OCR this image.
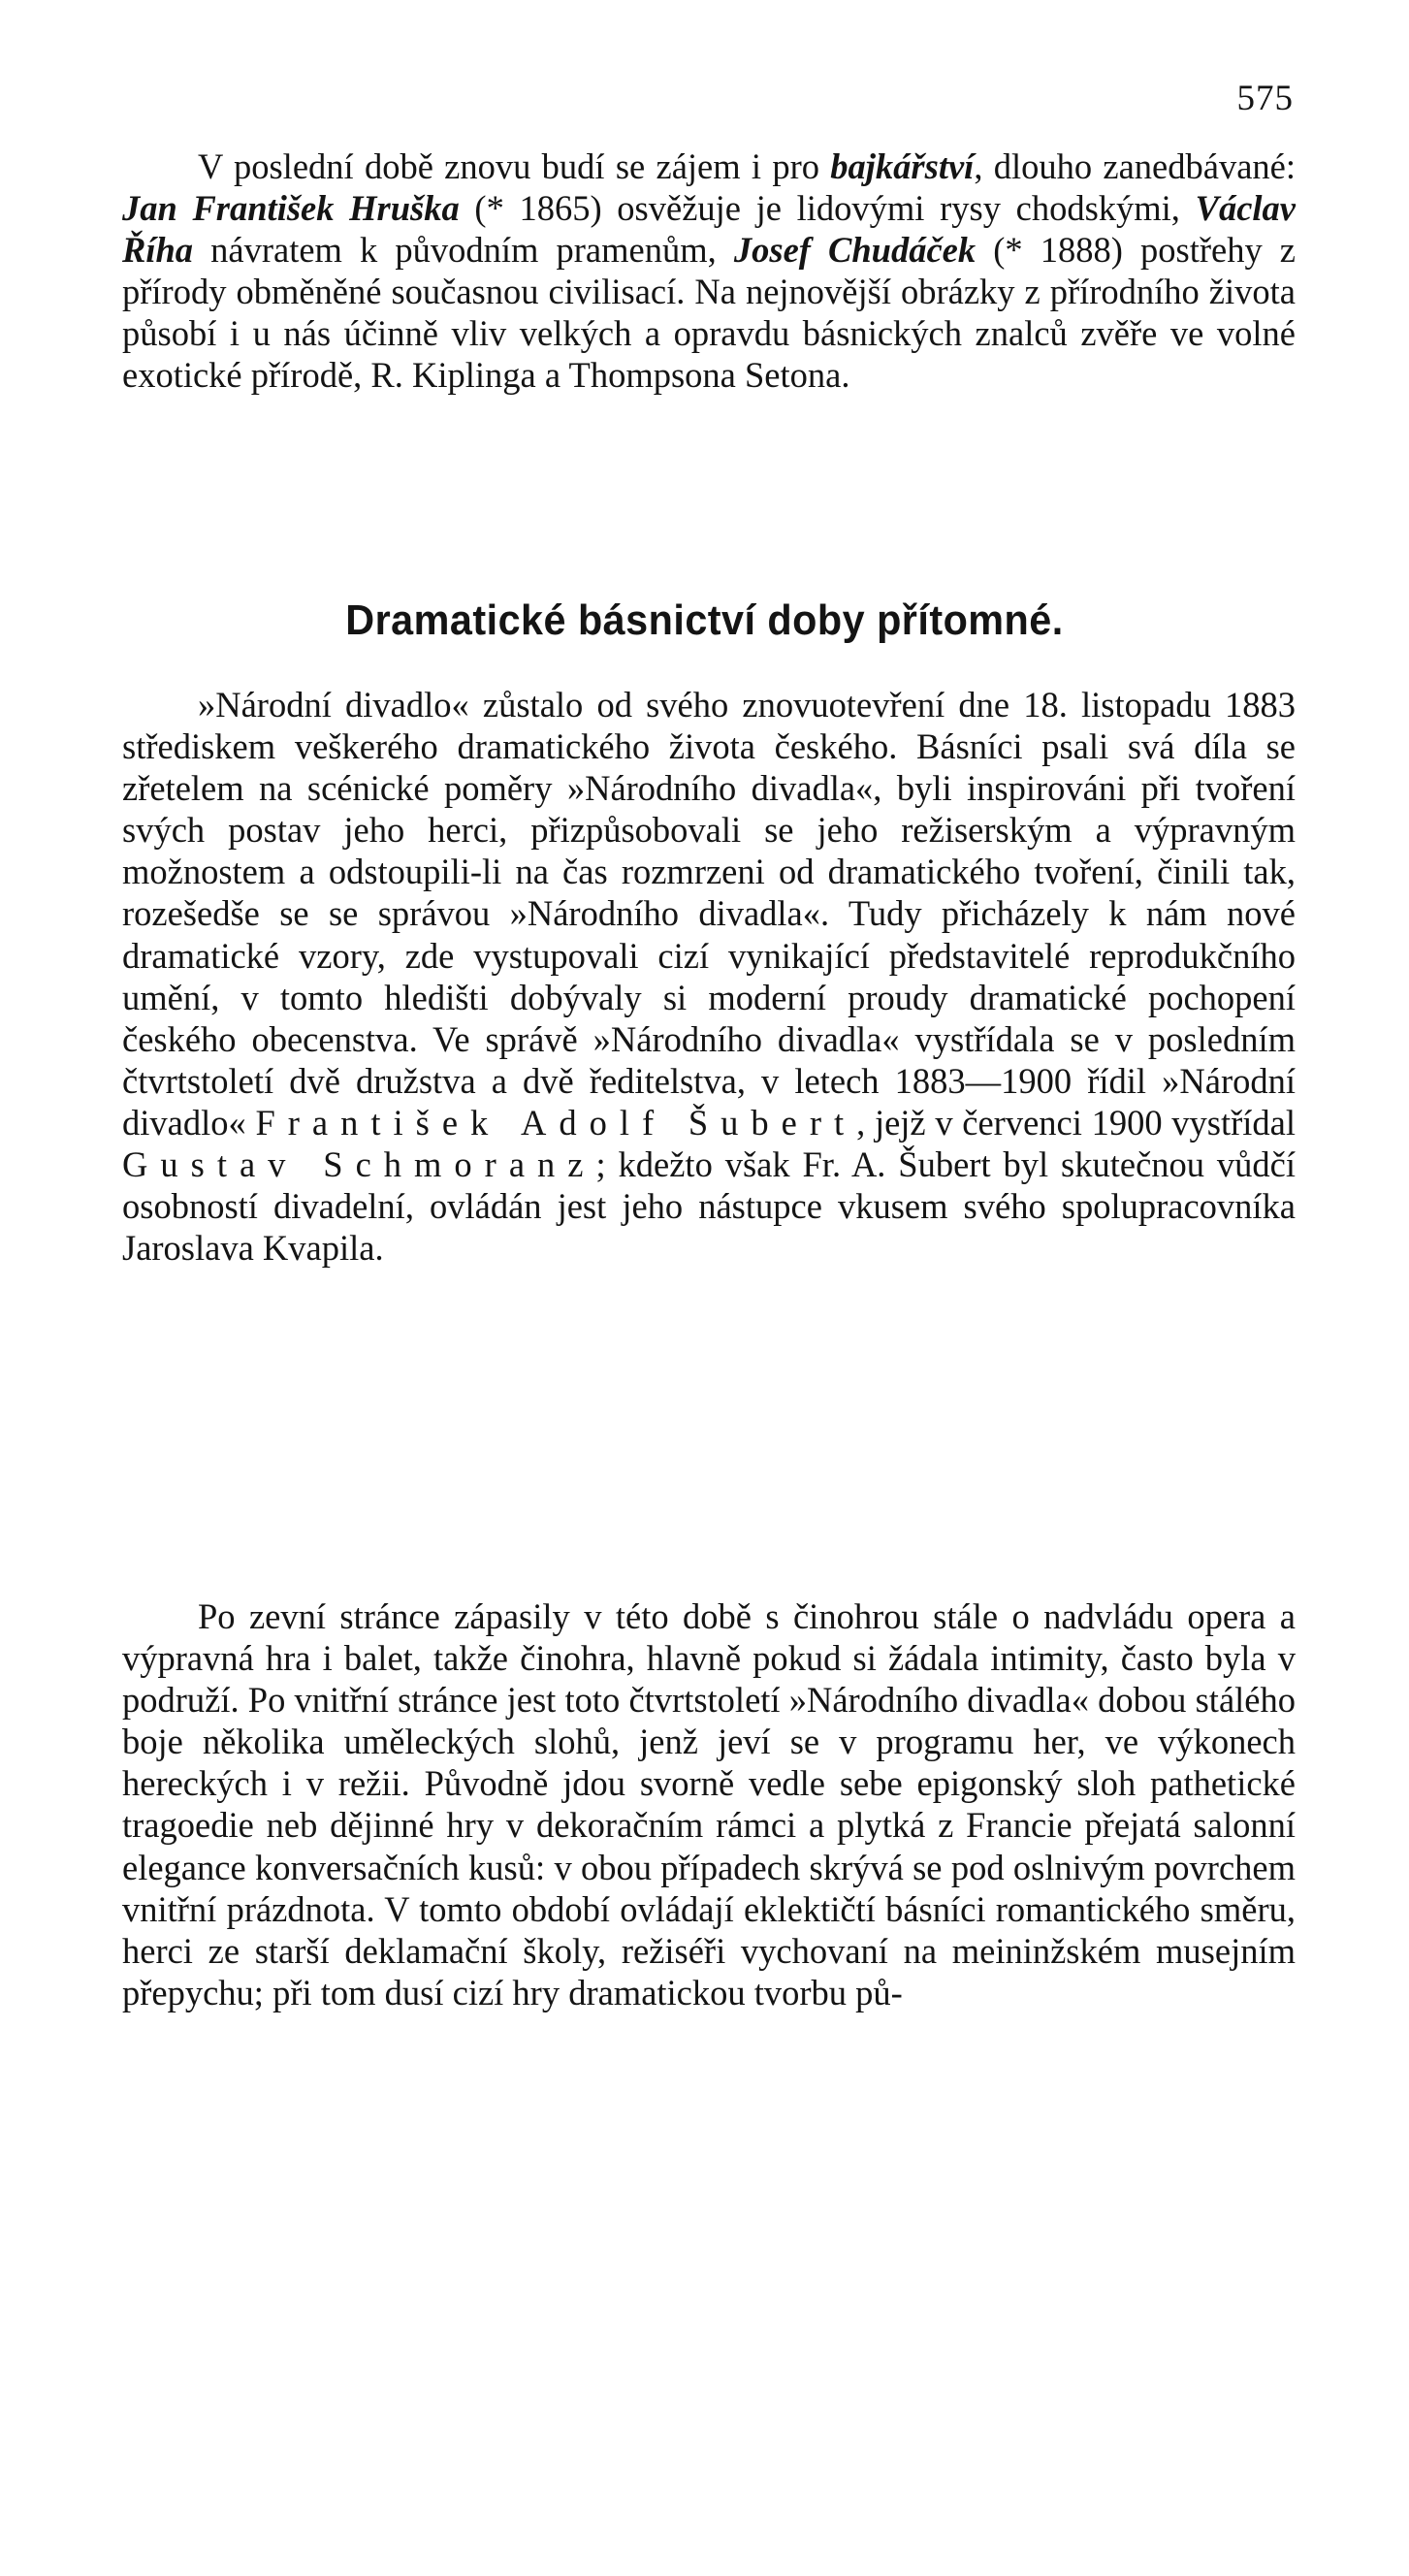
575

V poslední době znovu budí se zájem i pro bajkářství, dlouho zanedbávané: Jan František Hruška (* 1865) osvěžuje je lidovými rysy chodskými, Václav Říha návratem k původním pramenům, Josef Chudáček (* 1888) postřehy z přírody obměněné současnou civilisací. Na nejnovější obrázky z přírodního života působí i u nás účinně vliv velkých a opravdu básnických znalců zvěře ve volné exotické přírodě, R. Kiplinga a Thompsona Setona.

Dramatické básnictví doby přítomné.

»Národní divadlo« zůstalo od svého znovuotevření dne 18. listopadu 1883 střediskem veškerého dramatického života českého. Básníci psali svá díla se zřetelem na scénické poměry »Národního divadla«, byli inspirováni při tvoření svých postav jeho herci, přizpůsobovali se jeho režiserským a výpravným možnostem a odstoupili-li na čas rozmrzeni od dramatického tvoření, činili tak, rozešedše se se správou »Národního divadla«. Tudy přicházely k nám nové dramatické vzory, zde vystupovali cizí vynikající představitelé reprodukčního umění, v tomto hledišti dobývaly si moderní proudy dramatické pochopení českého obecenstva. Ve správě »Národního divadla« vystřídala se v posledním čtvrtstoletí dvě družstva a dvě ředitelstva, v letech 1883—1900 řídil »Národní divadlo« František Adolf Šubert, jejž v červenci 1900 vystřídal Gustav Schmoranz; kdežto však Fr. A. Šubert byl skutečnou vůdčí osobností divadelní, ovládán jest jeho nástupce vkusem svého spolupracovníka Jaroslava Kvapila.

Po zevní stránce zápasily v této době s činohrou stále o nadvládu opera a výpravná hra i balet, takže činohra, hlavně pokud si žádala intimity, často byla v podruží. Po vnitřní stránce jest toto čtvrtstoletí »Národního divadla« dobou stálého boje několika uměleckých slohů, jenž jeví se v programu her, ve výkonech hereckých i v režii. Původně jdou svorně vedle sebe epigonský sloh pathetické tragoedie neb dějinné hry v dekoračním rámci a plytká z Francie přejatá salonní elegance konversačních kusů: v obou případech skrývá se pod oslnivým povrchem vnitřní prázdnota. V tomto období ovládají eklektičtí básníci romantického směru, herci ze starší deklamační školy, režiséři vychovaní na meininžském musejním přepychu; při tom dusí cizí hry dramatickou tvorbu pů-
